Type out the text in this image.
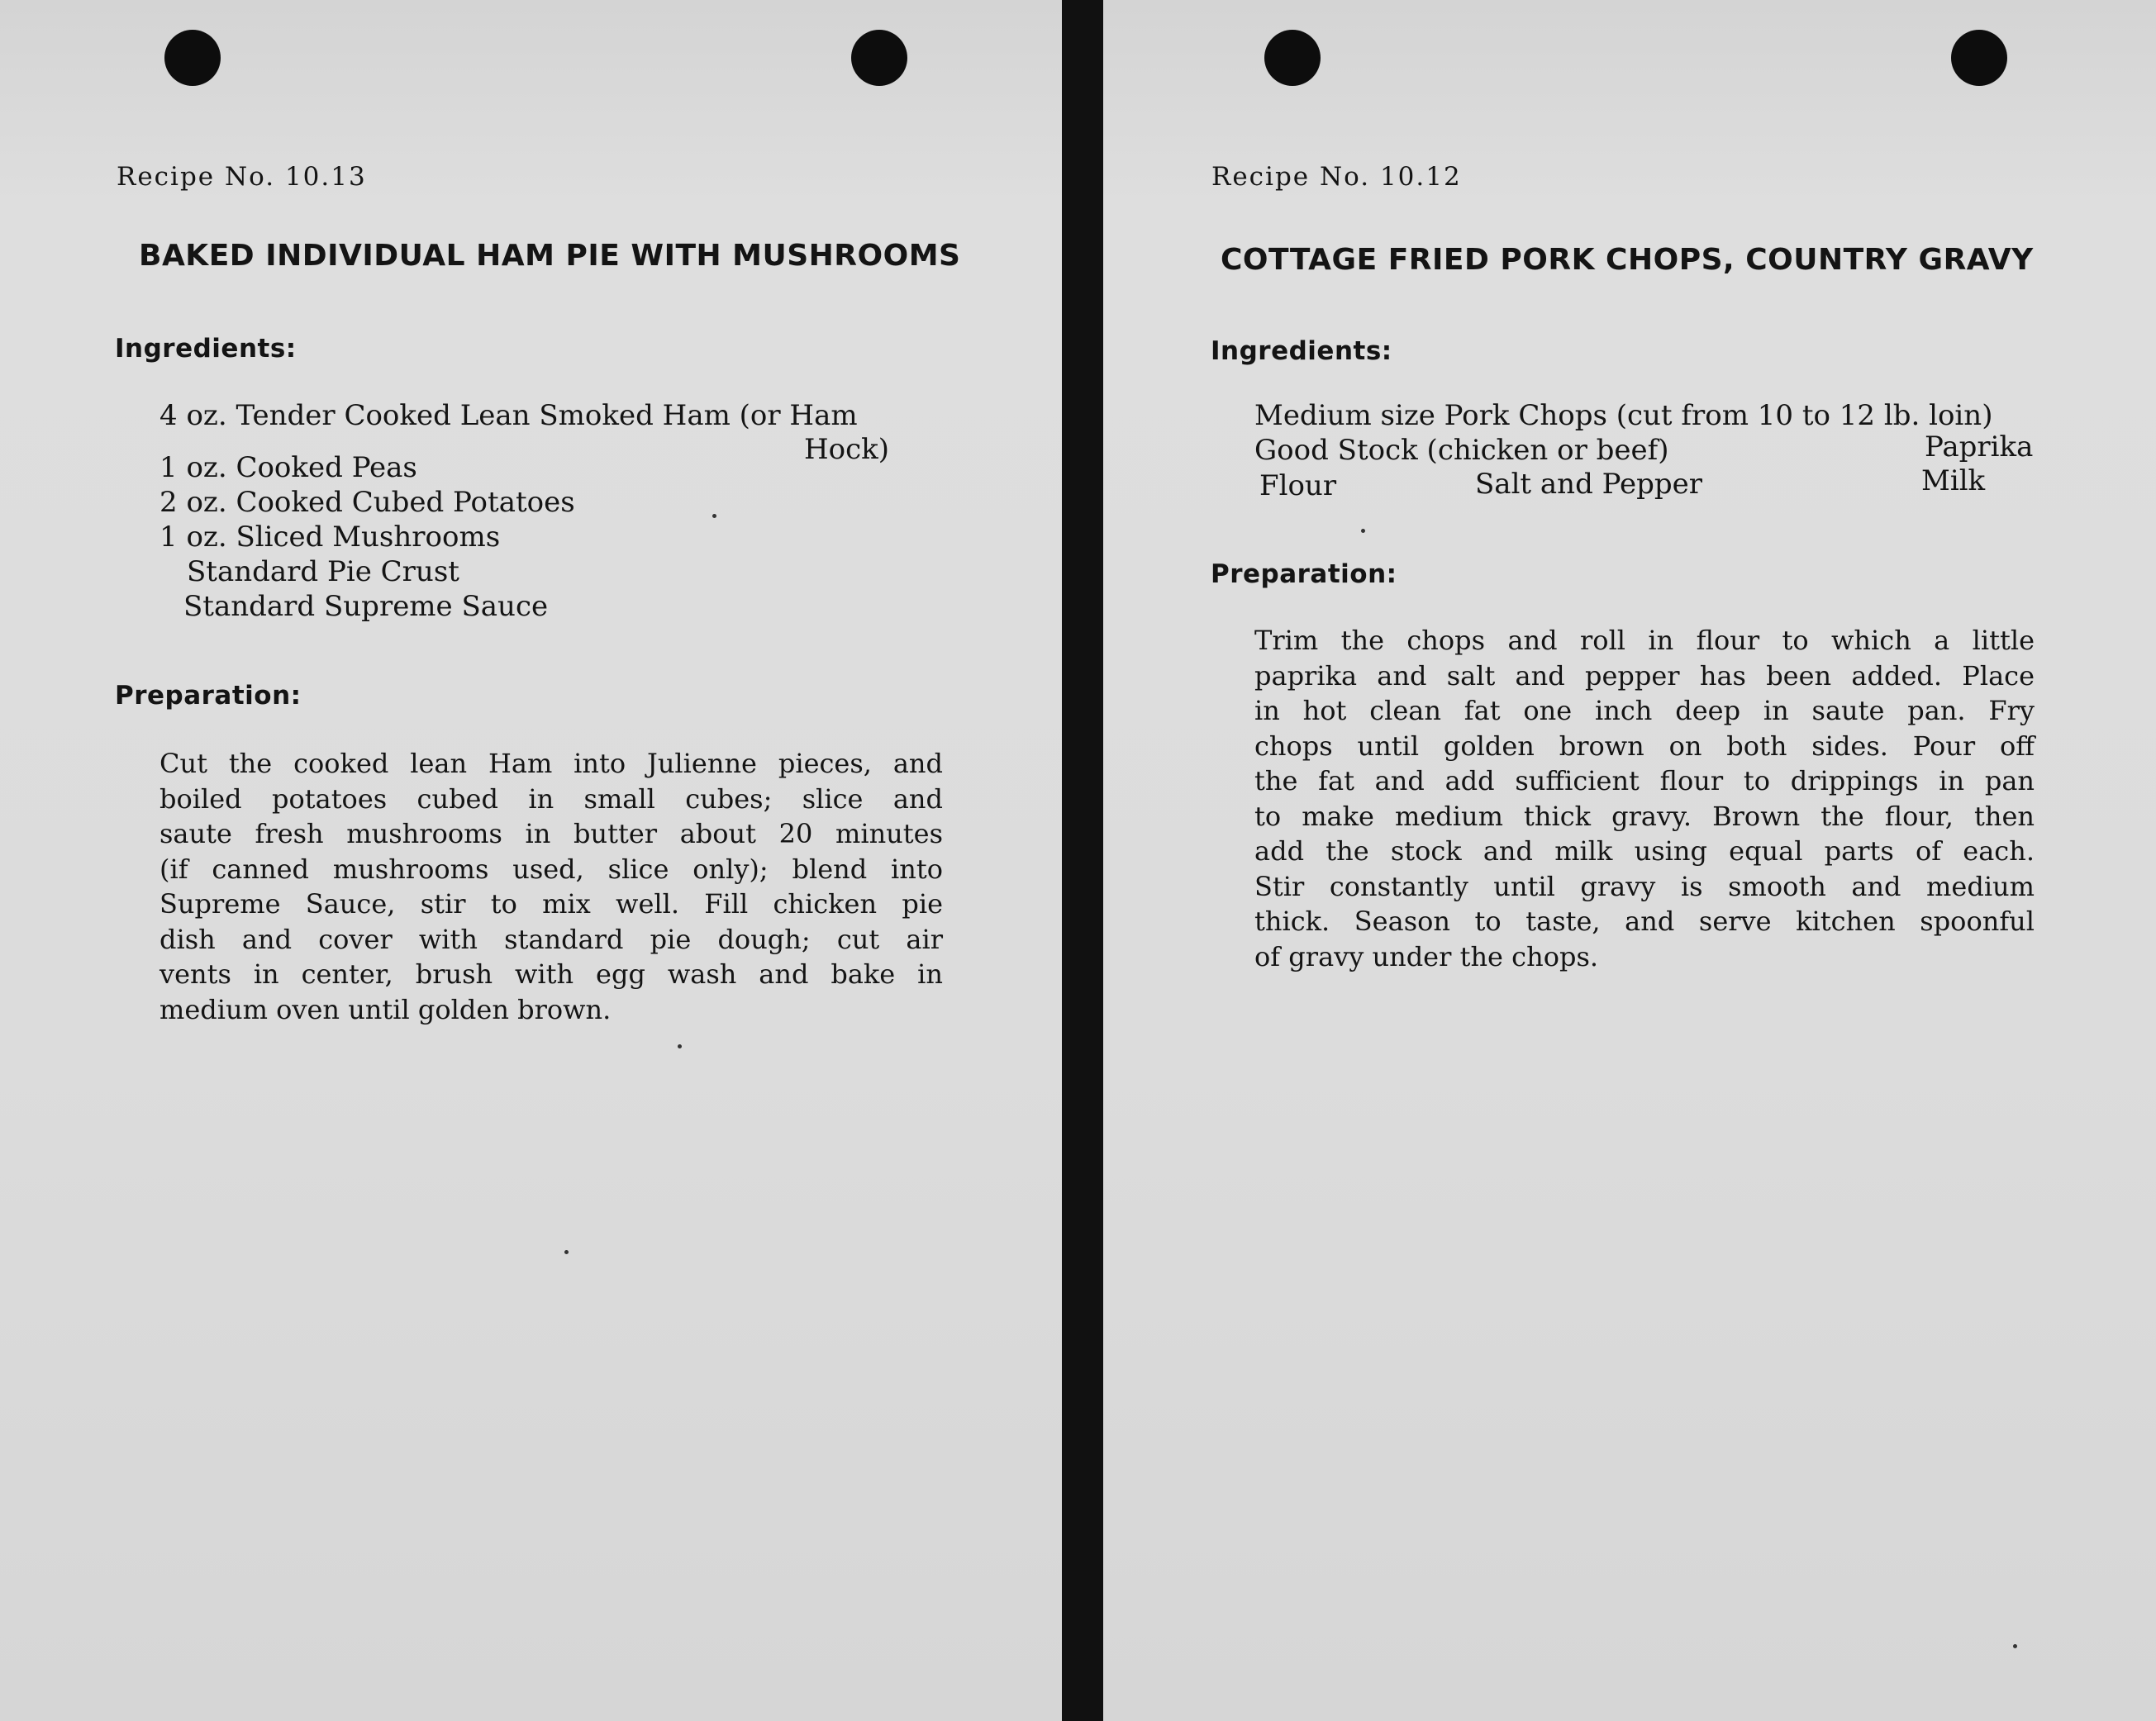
Recipe No. 10.13
BAKED INDIVIDUAL HAM PIE WITH MUSHROOMS
Ingredients:
4 oz. Tender Cooked Lean Smoked Ham (or Ham
Hock)
1 oz. Cooked Peas
2 oz. Cooked Cubed Potatoes
1 oz. Sliced Mushrooms
Standard Pie Crust
Standard Supreme Sauce
Preparation:
Cut the cooked lean Ham into Julienne pieces, and
boiled potatoes cubed in small cubes; slice and
saute fresh mushrooms in butter about 20 minutes
(if canned mushrooms used, slice only); blend into
Supreme Sauce, stir to mix well. Fill chicken pie
dish and cover with standard pie dough; cut air
vents in center, brush with egg wash and bake in
medium oven until golden brown.
Recipe No. 10.12
COTTAGE FRIED PORK CHOPS, COUNTRY GRAVY
Ingredients:
Medium size Pork Chops (cut from 10 to 12 lb. loin)
Good Stock (chicken or beef)	Paprika
Flour	Salt and Pepper	Milk
Preparation:
Trim the chops and roll in flour to which a little
paprika and salt and pepper has been added. Place
in hot clean fat one inch deep in saute pan. Fry
chops until golden brown on both sides. Pour off
the fat and add sufficient flour to drippings in pan
to make medium thick gravy. Brown the flour, then
add the stock and milk using equal parts of each.
Stir constantly until gravy is smooth and medium
thick. Season to taste, and serve kitchen spoonful
of gravy under the chops.
